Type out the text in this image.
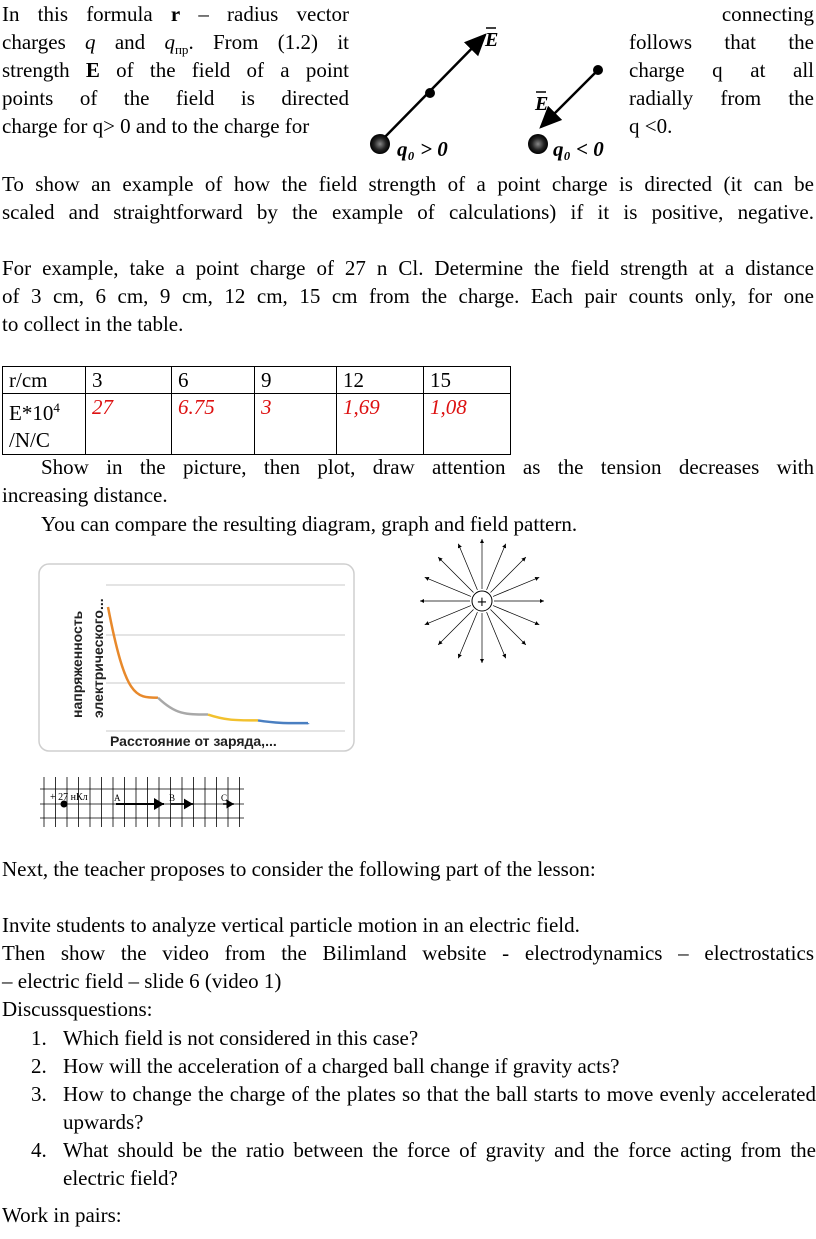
In this formula r – radius vector
charges q and $q_{пр}$. From (1.2) it
strength E of the field of a point
points of the field is directed
charge for q> 0 and to the charge for
connecting
follows that the
charge q at all
radially from the
q <0.
E
q₀ > 0
E
q₀ < 0
To show an example of how the field strength of a point charge is directed (it can be
scaled and straightforward by the example of calculations) if it is positive, negative.
For example, take a point charge of 27 n Cl. Determine the field strength at a distance
of 3 cm, 6 cm, 9 cm, 12 cm, 15 cm from the charge. Each pair counts only, for one
to collect in the table.
r/cm	3	6	9	12	15
$E*10^4$
/N/C	27	6.75	3	1,69	1,08
Show in the picture, then plot, draw attention as the tension decreases with
increasing distance.
You can compare the resulting diagram, graph and field pattern.
напряженность электрического...
Расстояние от заряда,...
+
+ 27 нКл	A	B	C
Next, the teacher proposes to consider the following part of the lesson:
Invite students to analyze vertical particle motion in an electric field.
Then show the video from the Bilimland website - electrodynamics – electrostatics
– electric field – slide 6 (video 1)
Discussquestions:
1. Which field is not considered in this case?
2. How will the acceleration of a charged ball change if gravity acts?
3. How to change the charge of the plates so that the ball starts to move evenly accelerated upwards?
4. What should be the ratio between the force of gravity and the force acting from the electric field?
Work in pairs:
